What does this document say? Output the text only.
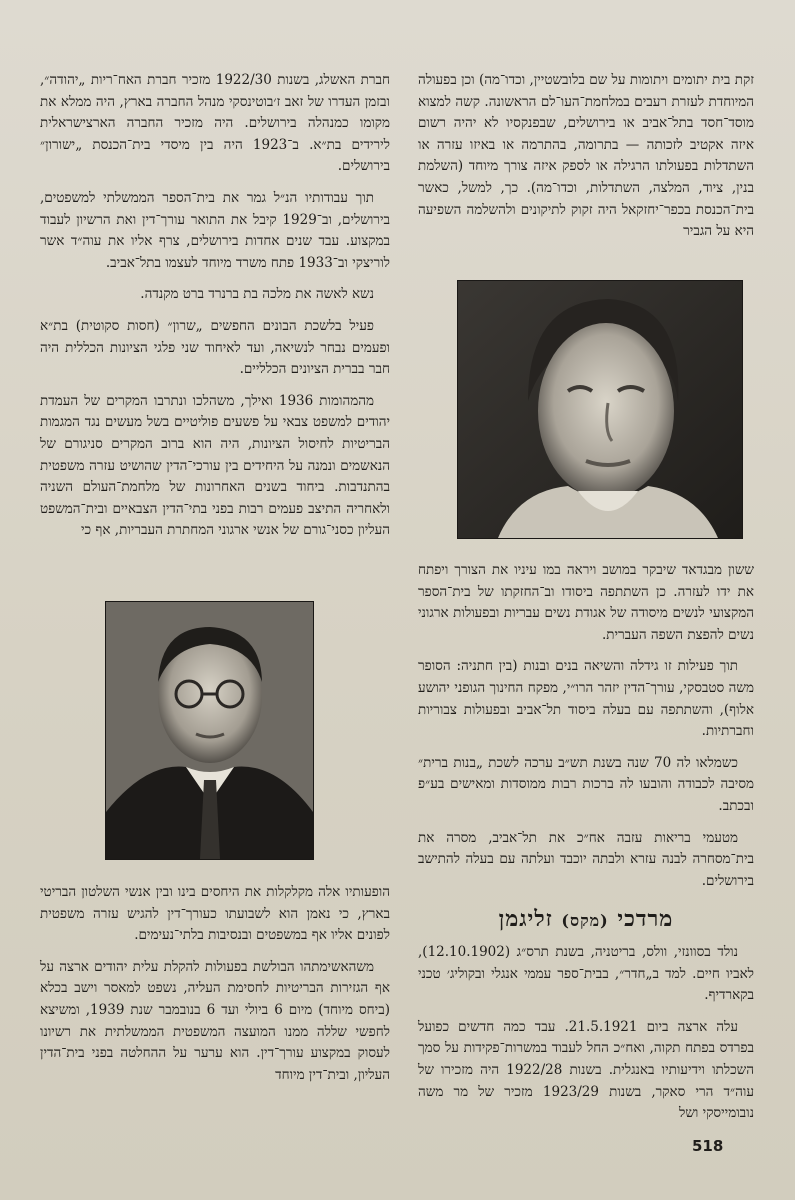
זקת בית יתומים ויתומות על שם בלובשטיין, וכדו־מה) וכן בפעולה המיוחדת לעזרת רעבים במלחמת־העו־לם הראשונה. קשה למצוא מוסד־חסד בתל־אביב או בירושלים, שבפנקסיו לא יהיה רשום איזה אקטיב לזכותה — בתרומה, בהתרמה או באיזו עזרה או השתדלות בפעולתו הרגילה או לספק איזה צורך מיוחד (השלמת בנין, ציוד, המלצה, השתדלות, וכדו־מה). כך, למשל, כאשר בית־הכנסת בכפר־יחזקאל היה זקוק לתיקונים ולהשלמה השפיעה היא על הגביר

ששון מבגדאד שיבקר במושב ויראה במו עיניו את הצורך ויפתח את ידו לעזרה. כן השתתפה ביסודו וב־החזקתו של בית־הספר המקצועי לנשים מיסודה של אגודת נשים עבריות ובפעולות ארגוני נשים להפצת השפה העברית.

תוך פעילות זו גידלה והשיאה בנים ובנות (בין חתניה: הסופר משה סטבסקי, עורך־הדין יזהר הרו״י, מפקח החינוך הגופני יהושע אלוף), והשתתפה עם בעלה ביסוד תל־אביב ובפעולות צבוריות וחברתיות.

כשמלאו לה 70 שנה בשנת תש״ב ערכה לשכת „בנות ברית״ מסיבה לכבודה והובעו לה ברכות רבות ממוסדות ומאישים בע״פ ובכתב.

מטעמי בריאות עזבה אח״כ את תל־אביב, מסרה את בית־מסחרה לבנה עזרא ולבתה יוכבד ועלתה עם בעלה להתישב בירושלים.

חברת האשלג, בשנות 1922/30 מזכיר חברת האח־ריות „יהודה״, ובזמן העדרו של זאב ז׳בוטינסקי מנהל החברה בארץ, היה ממלא את מקומו כמנהלה בירושלים. היה מזכיר החברה הארצישראלית לירידים בת״א. ב־1923 היה בין מיסדי בית־הכנסת „ישורון״ בירושלים.

תוך עבודותיו הנ״ל גמר את בית־הספר הממשלתי למשפטים, בירושלים, וב־1929 קיבל את התואר עורך־דין ואת הרשיון לעבוד במקצוע. עבד שנים אחדות בירושלים, צרף אליו את עוה״ד אשר לוריצקי וב־1933 פתח משרד מיוחד לעצמו בתל־אביב.

נשא לאשה את מלכה בת ברנרד ברט מקנדה.

פעיל בלשכת הבונים החפשים „שרון״ (חסות סקוטית) בת״א ופעמים נבחר לנשיאה, ועד לאיחוד שני פלגי הציונות הכללית היה חבר בברית הציונים הכלליים.

מהמהומות 1936 ואילך, משהלכו ונתרבו המקרים של העמדת יהודים למשפט צבאי על פשעים פוליטיים בשל מעשים נגד המגמות הבריטיות לחיסול הציונות, היה הוא ברוב המקרים סניגורם של הנאשמים ונמנה על היחידים בין עורכי־הדין שהושיט עזרה משפטית בהתנדבות. ביחוד בשנים האחרונות של מלחמת־העולם השניה ולאחריה התיצב פעמים רבות בפני בתי־הדין הצבאיים ובית־המשפט העליון כסני־גורם של אנשי ארגוני המחתרת העבריות, אף כי

הופעותיו אלה מקלקלות את היחסים בינו ובין אנשי השלטון הבריטי בארץ, כי נאמן הוא לשבועתו כעורך־דין להגיש עזרה משפטית לפונים אליו אף במשפטים ובנסיבות בלתי־נעימים.

משהאשימתהו הבולשת בפעולות להקלת עלית יהודים ארצה על אף הגזירות הבריטיות לחסימת העליה, נשפט למאסר וישב בכלא (ביחס מיוחד) מיום 6 ביולי ועד 6 בנובמבר שנת 1939, ומשיצא לחפשי שללה ממנו המועצה המשפטית הממשלתית את רשיונו לעסוק במקצוע עורך־דין. הוא ערער על ההחלטה בפני בית־הדין העליון, ובית־דין מיוחד

מרדכי (מקס) זליגמן

נולד בסוונזי, וולס, בריטניה, בשנת תרס״ג (12.10.1902), לאביו חיים. למד ב„חדר״, בבית־ספר עממי אנגלי ובקוליג׳ טכני בקארדיף.

עלה ארצה ביום 21.5.1921. עבד כמה חדשים כפועל בפרדס בפתח תקוה, ואח״כ החל לעבוד במשרות־פקידות על סמך השכלתו וידיעותיו באנגלית. בשנות 1922/28 היה מזכירו של עוה״ד הרי סאקר, בשנות 1923/29 מזכיר של מר משה נובומייסקי ושל

518
